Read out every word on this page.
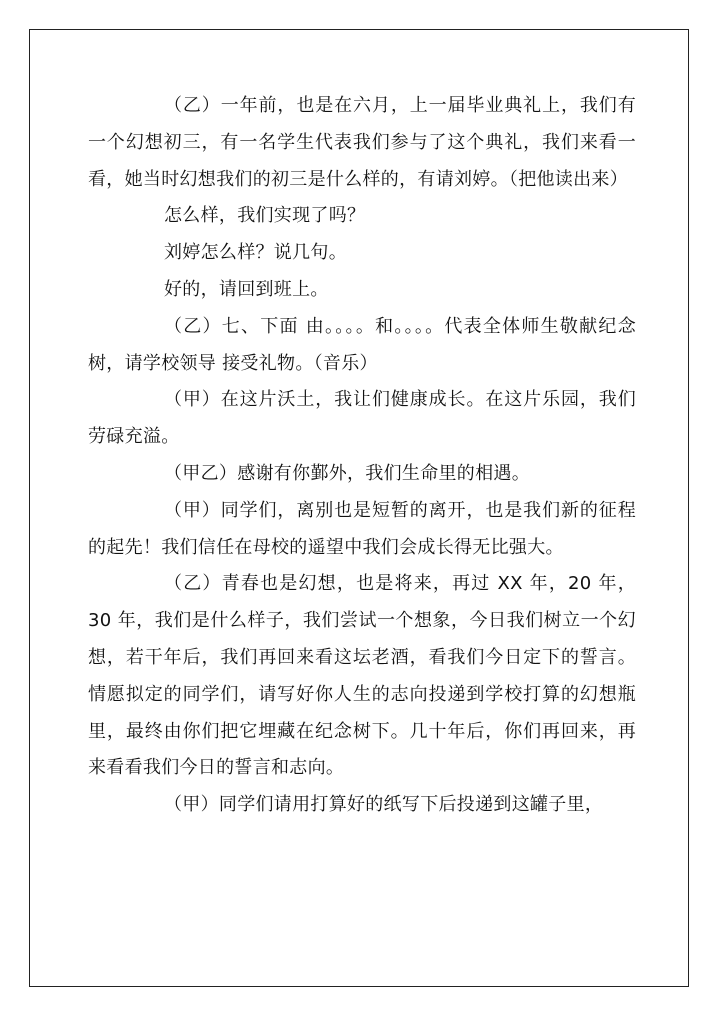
（乙）一年前，也是在六月，上一届毕业典礼上，我们有一个幻想初三，有一名学生代表我们参与了这个典礼，我们来看一看，她当时幻想我们的初三是什么样的，有请刘婷。（把他读出来）

怎么样，我们实现了吗？

刘婷怎么样？说几句。

好的，请回到班上。

（乙）七、下面 由。。。。和。。。。代表全体师生敬献纪念树，请学校领导 接受礼物。（音乐）

（甲）在这片沃土，我让们健康成长。在这片乐园，我们劳碌充溢。

（甲乙）感谢有你鄞外，我们生命里的相遇。

（甲）同学们，离别也是短暂的离开，也是我们新的征程的起先！我们信任在母校的遥望中我们会成长得无比强大。

（乙）青春也是幻想，也是将来，再过 XX 年，20 年，30 年，我们是什么样子，我们尝试一个想象，今日我们树立一个幻想，若干年后，我们再回来看这坛老酒，看我们今日定下的誓言。情愿拟定的同学们，请写好你人生的志向投递到学校打算的幻想瓶里，最终由你们把它埋藏在纪念树下。几十年后，你们再回来，再来看看我们今日的誓言和志向。

（甲）同学们请用打算好的纸写下后投递到这罐子里，
